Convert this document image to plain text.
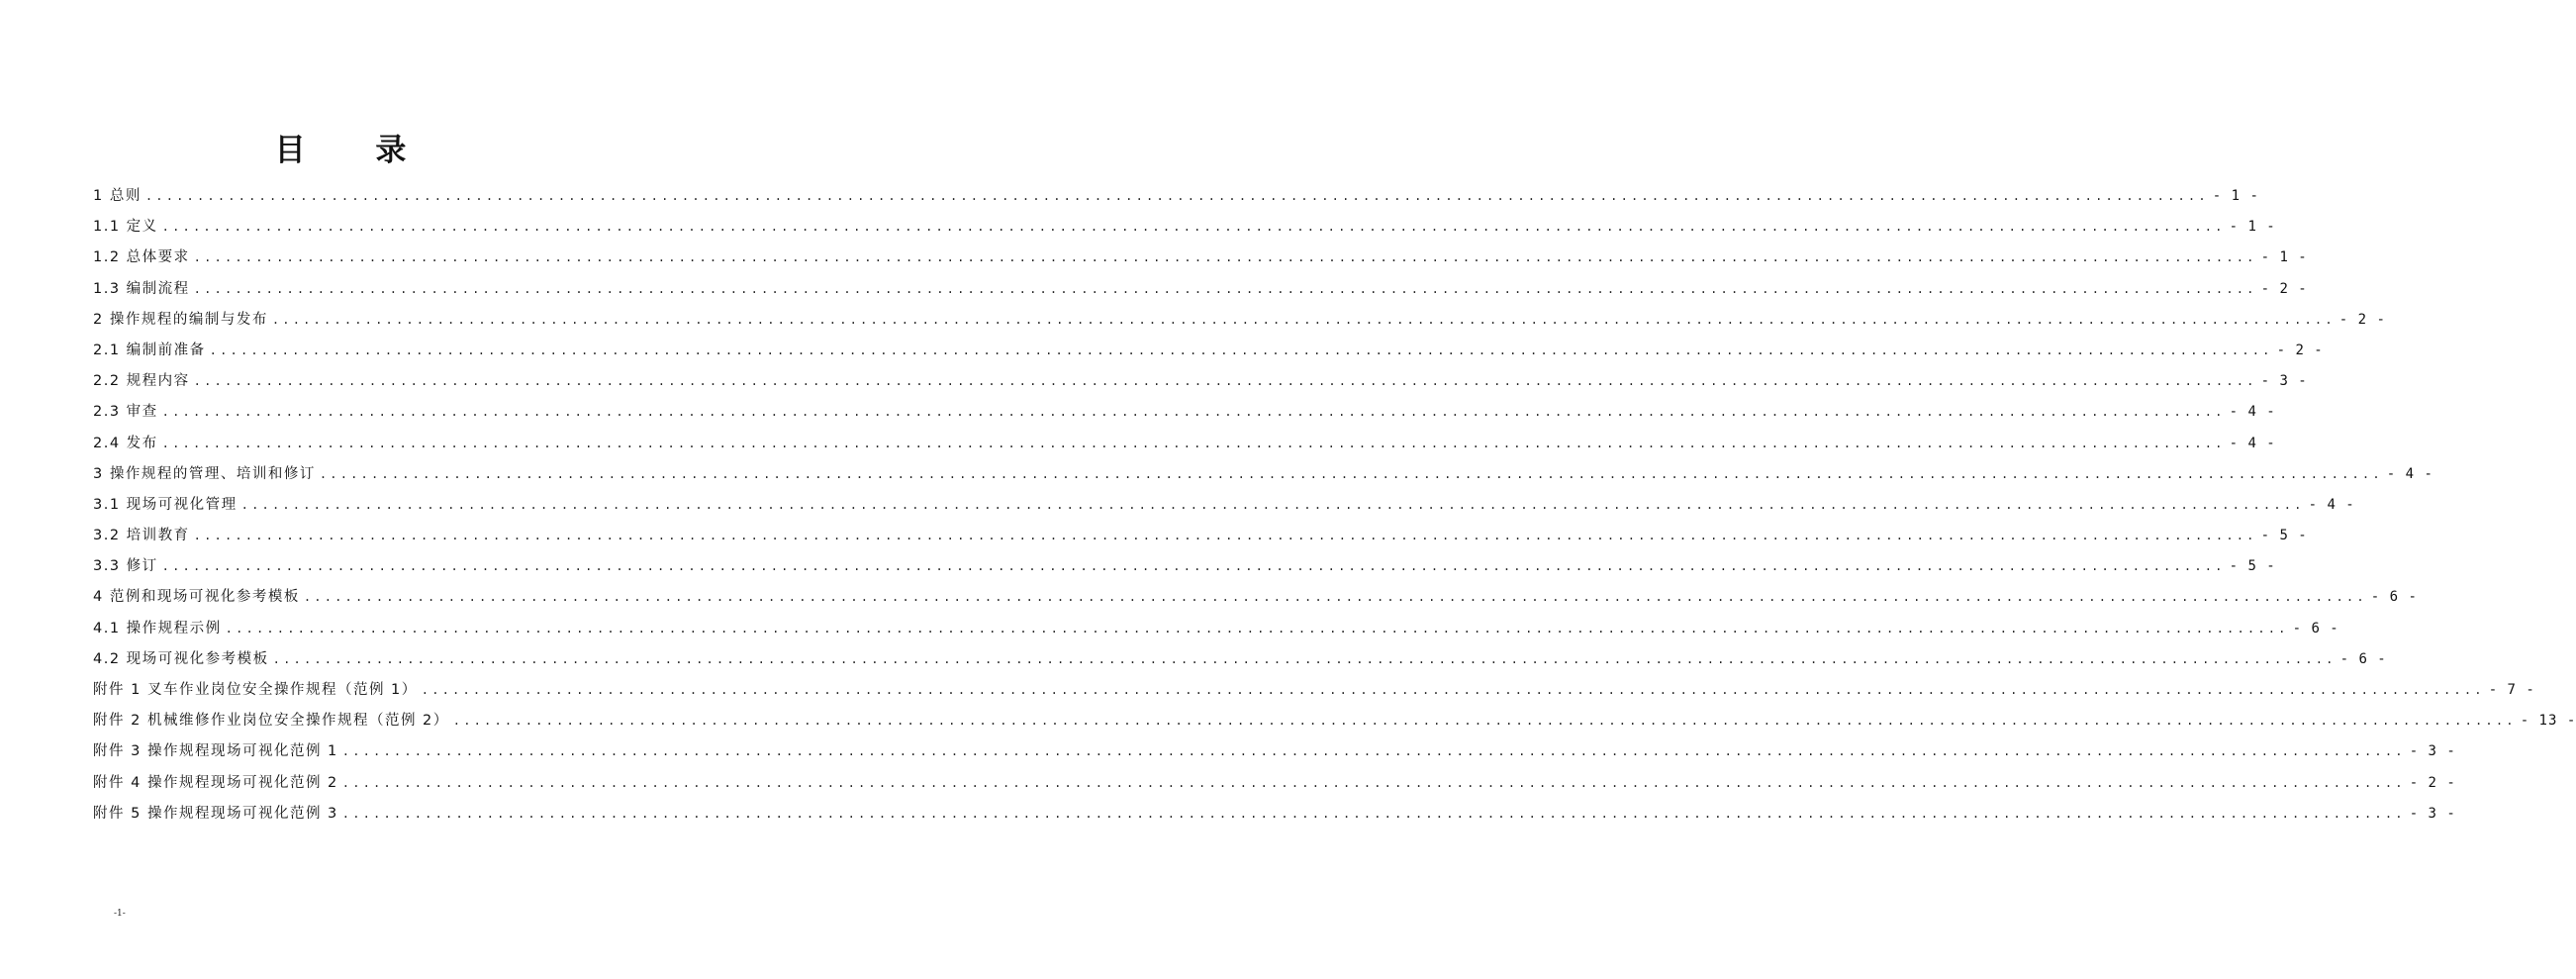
目 录
1 总则 ........................................................................................................................................................................................................ - 1 -
1.1 定义 ........................................................................................................................................................................................................ - 1 -
1.2 总体要求 ........................................................................................................................................................................................................ - 1 -
1.3 编制流程 ........................................................................................................................................................................................................ - 2 -
2 操作规程的编制与发布 ........................................................................................................................................................................................................ - 2 -
2.1 编制前准备 ........................................................................................................................................................................................................ - 2 -
2.2 规程内容 ........................................................................................................................................................................................................ - 3 -
2.3 审查 ........................................................................................................................................................................................................ - 4 -
2.4 发布 ........................................................................................................................................................................................................ - 4 -
3 操作规程的管理、培训和修订 ........................................................................................................................................................................................................ - 4 -
3.1 现场可视化管理 ........................................................................................................................................................................................................ - 4 -
3.2 培训教育 ........................................................................................................................................................................................................ - 5 -
3.3 修订 ........................................................................................................................................................................................................ - 5 -
4 范例和现场可视化参考模板 ........................................................................................................................................................................................................ - 6 -
4.1 操作规程示例 ........................................................................................................................................................................................................ - 6 -
4.2 现场可视化参考模板 ........................................................................................................................................................................................................ - 6 -
附件 1 叉车作业岗位安全操作规程（范例 1） ........................................................................................................................................................................................................ - 7 -
附件 2 机械维修作业岗位安全操作规程（范例 2） ........................................................................................................................................................................................................ - 13 -
附件 3 操作规程现场可视化范例 1 ........................................................................................................................................................................................................ - 3 -
附件 4 操作规程现场可视化范例 2 ........................................................................................................................................................................................................ - 2 -
附件 5 操作规程现场可视化范例 3 ........................................................................................................................................................................................................ - 3 -
-1-
